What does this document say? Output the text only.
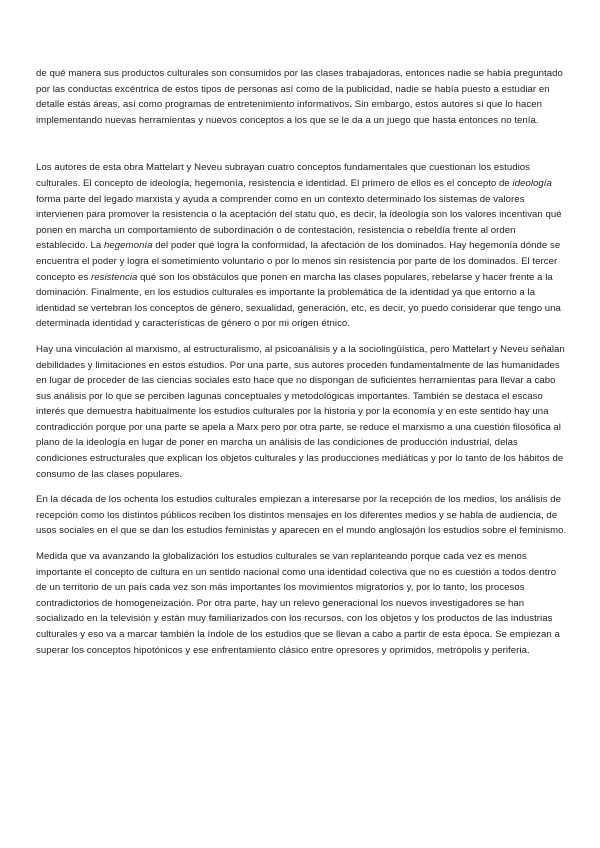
de qué manera sus productos culturales son consumidos por las clases trabajadoras, entonces nadie se había preguntado por las conductas excéntrica de estos tipos de personas así como de la publicidad, nadie se había puesto a estudiar en detalle estás áreas, así como programas de entretenimiento informativos. Sin embargo, estos autores sí que lo hacen implementando nuevas herramientas y nuevos conceptos a los que se le da a un juego que hasta entonces no tenía.

Los autores de esta obra Mattelart y Neveu subrayan cuatro conceptos fundamentales que cuestionan los estudios culturales. El concepto de ideología, hegemonía, resistencia e identidad. El primero de ellos es el concepto de ideología forma parte del legado marxista y ayuda a comprender como en un contexto determinado los sistemas de valores intervienen para promover la resistencia o la aceptación del statu quo, es decir, la ideología son los valores incentivan qué ponen en marcha un comportamiento de subordinación o de contestación, resistencia o rebeldía frente al orden establecido. La hegemonía del poder qué logra la conformidad, la afectación de los dominados. Hay hegemonía dónde se encuentra el poder y logra el sometimiento voluntario o por lo menos sin resistencia por parte de los dominados. El tercer concepto es resistencia qué son los obstáculos que ponen en marcha las clases populares, rebelarse y hacer frente a la dominación. Finalmente, en los estudios culturales es importante la problemática de la identidad ya que entorno a la identidad se vertebran los conceptos de género, sexualidad, generación, etc, es decir, yo puedo considerar que tengo una determinada identidad y características de género o por mi origen étnico.

Hay una vinculación al marxismo, al estructuralismo, al psicoanálisis y a la sociolingüística, pero Mattelart y Neveu señalan debilidades y limitaciones en estos estudios. Por una parte, sus autores proceden fundamentalmente de las humanidades en lugar de proceder de las ciencias sociales esto hace que no dispongan de suficientes herramientas para llevar a cabo sus análisis por lo que se perciben lagunas conceptuales y metodológicas importantes. También se destaca el escaso interés que demuestra habitualmente los estudios culturales por la historia y por la economía y en este sentido hay una contradicción porque por una parte se apela a Marx pero por otra parte, se reduce el marxismo a una cuestión filosófica al plano de la ideología en lugar de poner en marcha un análisis de las condiciones de producción industrial, delas condiciones estructurales que explican los objetos culturales y las producciones mediáticas y por lo tanto de los hábitos de consumo de las clases populares.

En la década de los ochenta los estudios culturales empiezan a interesarse por la recepción de los medios, los análisis de recepción como los distintos públicos reciben los distintos mensajes en los diferentes medios y se habla de audiencia, de usos sociales en el que se dan los estudios feministas y aparecen en el mundo anglosajón los estudios sobre el feminismo.

Medida que va avanzando la globalización los estudios culturales se van replanteando porque cada vez es menos importante el concepto de cultura en un sentido nacional como una identidad colectiva que no es cuestión a todos dentro de un territorio de un país cada vez son más importantes los movimientos migratorios y, por lo tanto, los procesos contradictorios de homogeneización. Por otra parte, hay un relevo generacional los nuevos investigadores se han socializado en la televisión y están muy familiarizados con los recursos, con los objetos y los productos de las industrias culturales y eso va a marcar también la índole de los estudios que se llevan a cabo a partir de esta época. Se empiezan a superar los conceptos hipotónicos y ese enfrentamiento clásico entre opresores y oprimidos, metrópolis y periferia.
